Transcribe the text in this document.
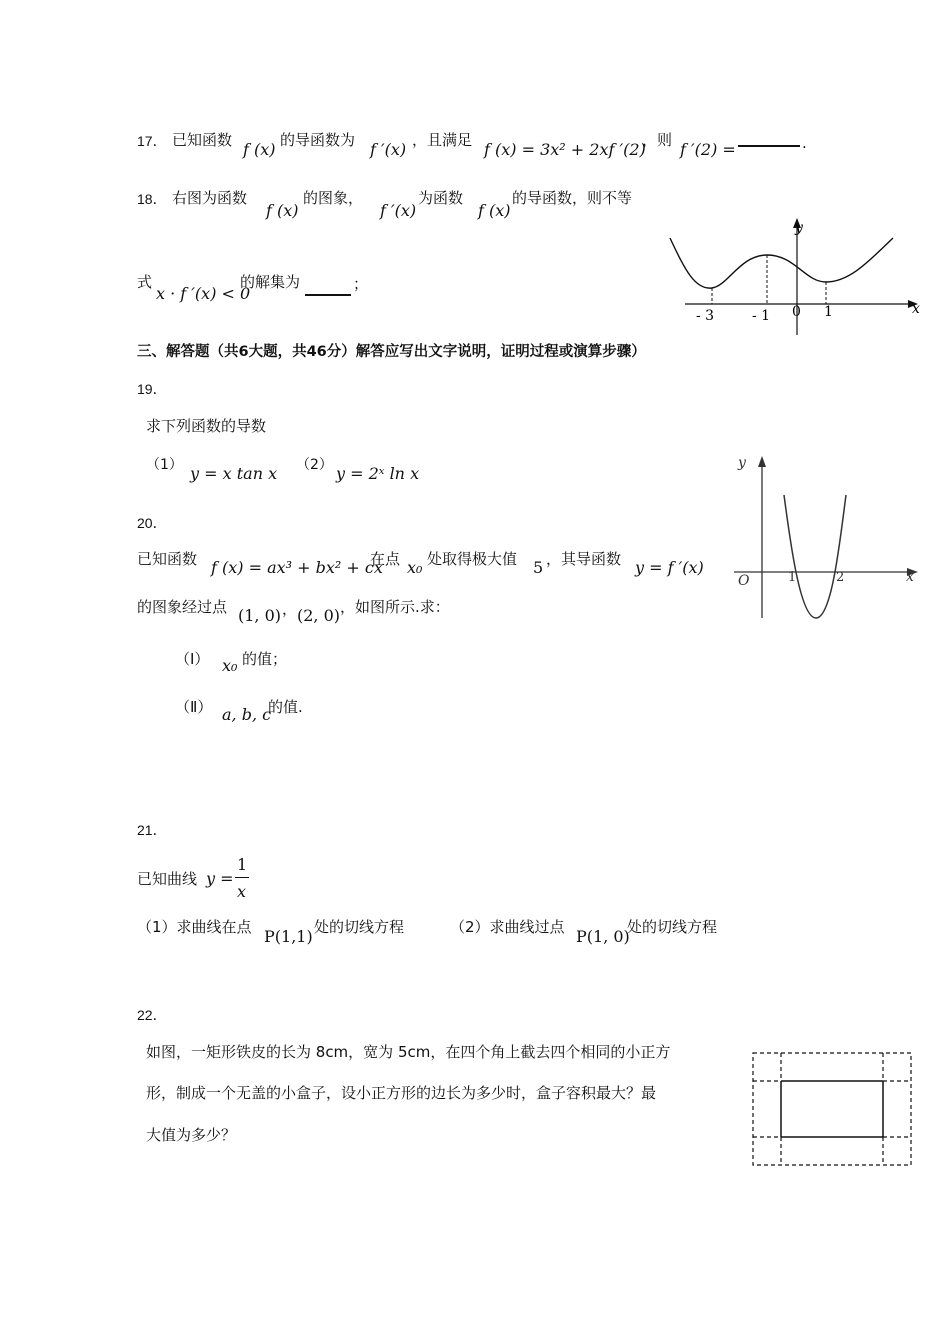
17． 已知函数 f (x) 的导函数为 f ′(x) ，且满足 f (x) = 3x² + 2xf ′(2)
，则 f ′(2) =	.
18． 右图为函数
f (x)
的图象，
f ′(x)
为函数
f (x)
的导函数，则不等
式
x · f ′(x) < 0
的解集为	；
x
y
- 3	- 1 0 1
三、解答题（共6大题，共46分）解答应写出文字说明，证明过程或演算步骤）
19．
求下列函数的导数
（1） y = x tan x （2） y = 2ˣ ln x
20．
已知函数 f (x) = ax³ + bx² + cx
在点 x₀ 处取得极大值 5 ，其导函数 y = f ′(x)
的图象经过点 (1, 0) ， (2, 0) ，如图所示.求：
（Ⅰ） x₀ 的值；
（Ⅱ） a, b, c
的值.
y
x
O	1	2
21．
已知曲线 y =
1
x
（1）求曲线在点 P(1,1) 处的切线方程	（2）求曲线过点 P(1, 0)
处的切线方程
22．
如图，一矩形铁皮的长为 8cm，宽为 5cm，在四个角上截去四个相同的小正方
形，制成一个无盖的小盒子，设小正方形的边长为多少时，盒子容积最大？最
大值为多少？
